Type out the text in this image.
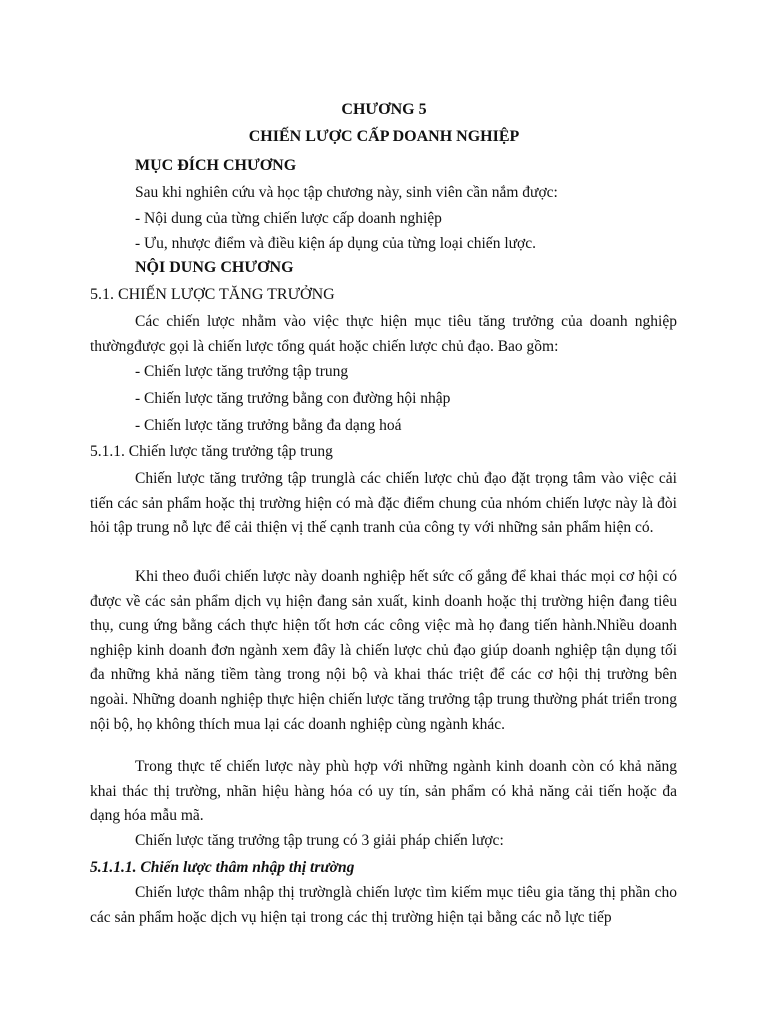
CHƯƠNG 5
CHIẾN LƯỢC CẤP DOANH NGHIỆP
MỤC ĐÍCH CHƯƠNG
Sau khi nghiên cứu và học tập chương này, sinh viên cần nắm được:
- Nội dung của từng chiến lược cấp doanh nghiệp
- Ưu, nhược điểm và điều kiện áp dụng của từng loại chiến lược.
NỘI DUNG CHƯƠNG
5.1. CHIẾN LƯỢC TĂNG TRƯỞNG

Các chiến lược nhằm vào việc thực hiện mục tiêu tăng trưởng của doanh nghiệp thườngđược gọi là chiến lược tổng quát hoặc chiến lược chủ đạo. Bao gồm:

- Chiến lược tăng trưởng tập trung
- Chiến lược tăng trưởng bằng con đường hội nhập
- Chiến lược tăng trưởng bằng đa dạng hoá
5.1.1. Chiến lược tăng trưởng tập trung

Chiến lược tăng trưởng tập trunglà các chiến lược chủ đạo đặt trọng tâm vào việc cải tiến các sản phẩm hoặc thị trường hiện có mà đặc điểm chung của nhóm chiến lược này là đòi hỏi tập trung nỗ lực để cải thiện vị thế cạnh tranh của công ty với những sản phẩm hiện có.

Khi theo đuổi chiến lược này doanh nghiệp hết sức cố gắng để khai thác mọi cơ hội có được về các sản phẩm dịch vụ hiện đang sản xuất, kinh doanh hoặc thị trường hiện đang tiêu thụ, cung ứng bằng cách thực hiện tốt hơn các công việc mà họ đang tiến hành.Nhiều doanh nghiệp kinh doanh đơn ngành xem đây là chiến lược chủ đạo giúp doanh nghiệp tận dụng tối đa những khả năng tiềm tàng trong nội bộ và khai thác triệt để các cơ hội thị trường bên ngoài. Những doanh nghiệp thực hiện chiến lược tăng trưởng tập trung thường phát triển trong nội bộ, họ không thích mua lại các doanh nghiệp cùng ngành khác.

Trong thực tế chiến lược này phù hợp với những ngành kinh doanh còn có khả năng khai thác thị trường, nhãn hiệu hàng hóa có uy tín, sản phẩm có khả năng cải tiến hoặc đa dạng hóa mẫu mã.

Chiến lược tăng trưởng tập trung có 3 giải pháp chiến lược:

5.1.1.1. Chiến lược thâm nhập thị trường

Chiến lược thâm nhập thị trườnglà chiến lược tìm kiếm mục tiêu gia tăng thị phần cho các sản phẩm hoặc dịch vụ hiện tại trong các thị trường hiện tại bằng các nỗ lực tiếp
